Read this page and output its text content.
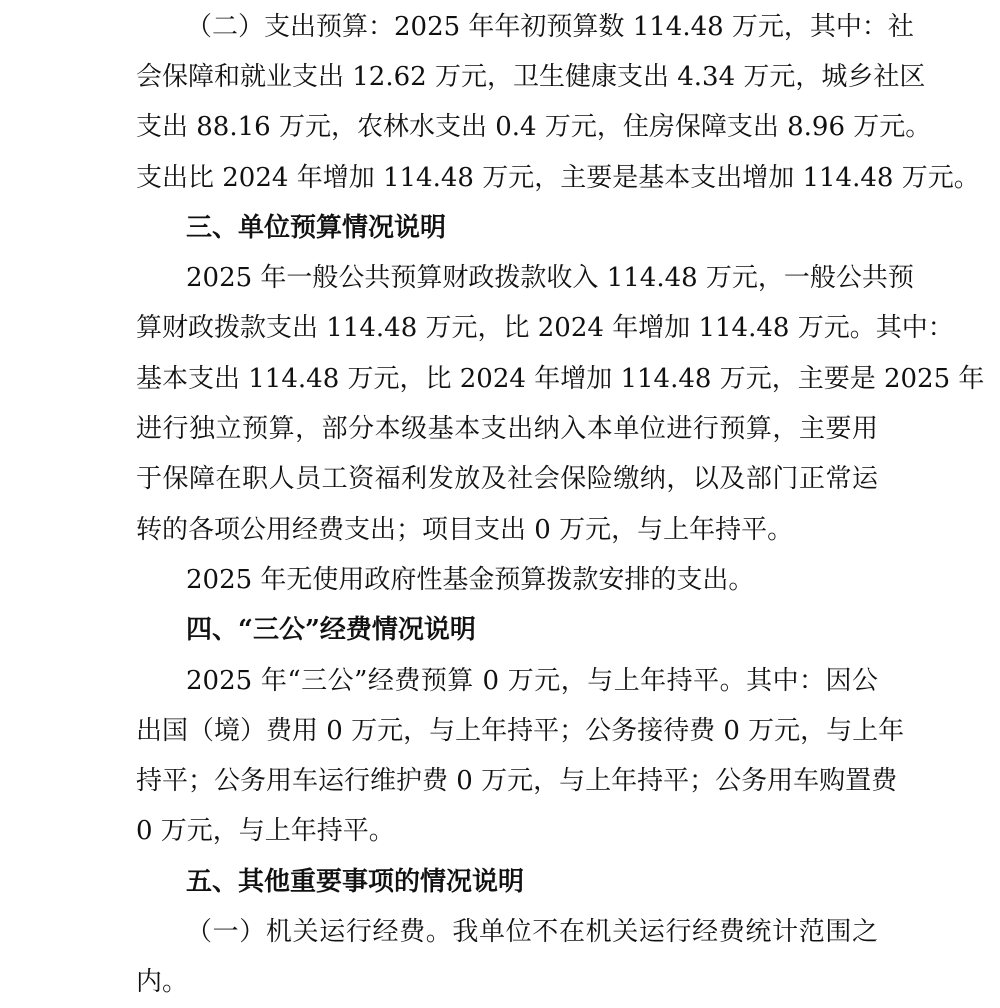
（二）支出预算：2025 年年初预算数 114.48 万元，其中：社
会保障和就业支出 12.62 万元，卫生健康支出 4.34 万元，城乡社区
支出 88.16 万元，农林水支出 0.4 万元，住房保障支出 8.96 万元。
支出比 2024 年增加 114.48 万元，主要是基本支出增加 114.48 万元。
三、单位预算情况说明
2025 年一般公共预算财政拨款收入 114.48 万元，一般公共预
算财政拨款支出 114.48 万元，比 2024 年增加 114.48 万元。其中：
基本支出 114.48 万元，比 2024 年增加 114.48 万元，主要是 2025 年
进行独立预算，部分本级基本支出纳入本单位进行预算，主要用
于保障在职人员工资福利发放及社会保险缴纳，以及部门正常运
转的各项公用经费支出；项目支出 0 万元，与上年持平。
2025 年无使用政府性基金预算拨款安排的支出。
四、“三公”经费情况说明
2025 年“三公”经费预算 0 万元，与上年持平。其中：因公
出国（境）费用 0 万元，与上年持平；公务接待费 0 万元，与上年
持平；公务用车运行维护费 0 万元，与上年持平；公务用车购置费
0 万元，与上年持平。
五、其他重要事项的情况说明
（一）机关运行经费。我单位不在机关运行经费统计范围之
内。
